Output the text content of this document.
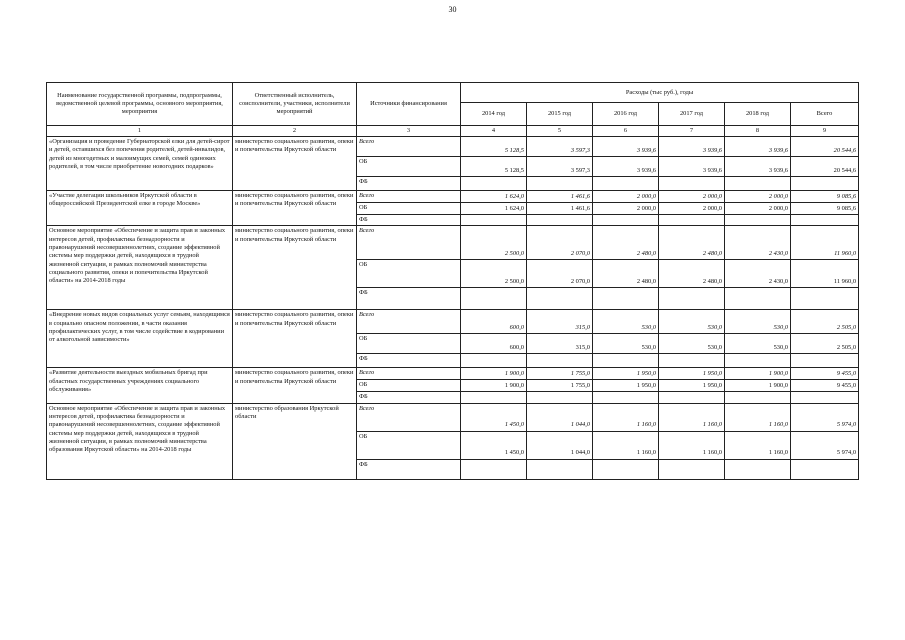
30
Наименование государственной программы, подпрограммы, ведомственной целевой программы, основного мероприятия, мероприятия	Ответственный исполнитель, соисполнители, участники, исполнители мероприятий	Источники финансирования	Расходы (тыс руб.), годы					
			2014 год	2015 год	2016 год	2017 год	2018 год	Всего
1	2	3	4	5	6	7	8	9
«Организация и проведение Губернаторской елки для детей-сирот и детей, оставшихся без попечения родителей, детей-инвалидов, детей из многодетных и малоимущих семей, семей одиноких родителей, в том числе приобретение новогодних подарков»	министерство социального развития, опеки и попечительства Иркутской области	Всего	5 128,5	3 597,3	3 939,6	3 939,6	3 939,6	20 544,6
		ОБ	5 128,5	3 597,3	3 939,6	3 939,6	3 939,6	20 544,6
		ФБ						
«Участие делегации школьников Иркутской области в общероссийской Президентской елке в городе Москве»	министерство социального развития, опеки и попечительства Иркутской области	Всего	1 624,0	1 461,6	2 000,0	2 000,0	2 000,0	9 085,6
		ОБ	1 624,0	1 461,6	2 000,0	2 000,0	2 000,0	9 085,6
		ФБ						
Основное мероприятие «Обеспечение и защита прав и законных интересов детей, профилактика безнадзорности и правонарушений несовершеннолетних, создание эффективной системы мер поддержки детей, находящихся в трудной жизненной ситуации, в рамках полномочий министерства социального развития, опеки и попечительства Иркутской области» на 2014-2018 годы	министерство социального развития, опеки и попечительства Иркутской области	Всего	2 500,0	2 070,0	2 480,0	2 480,0	2 430,0	11 960,0
		ОБ	2 500,0	2 070,0	2 480,0	2 480,0	2 430,0	11 960,0
		ФБ						
«Внедрение новых видов социальных услуг семьям, находящимся в социально опасном положении, в части оказания профилактических услуг, в том числе содействие в кодировании от алкогольной зависимости»	министерство социального развития, опеки и попечительства Иркутской области	Всего	600,0	315,0	530,0	530,0	530,0	2 505,0
		ОБ	600,0	315,0	530,0	530,0	530,0	2 505,0
		ФБ						
«Развитие деятельности выездных мобильных бригад при областных государственных учреждениях социального обслуживания»	министерство социального развития, опеки и попечительства Иркутской области	Всего	1 900,0	1 755,0	1 950,0	1 950,0	1 900,0	9 455,0
		ОБ	1 900,0	1 755,0	1 950,0	1 950,0	1 900,0	9 455,0
		ФБ						
Основное мероприятие «Обеспечение и защита прав и законных интересов детей, профилактика безнадзорности и правонарушений несовершеннолетних, создание эффективной системы мер поддержки детей, находящихся в трудной жизненной ситуации, в рамках полномочий министерства образования Иркутской области» на 2014-2018 годы	министерство образования Иркутской области	Всего	1 450,0	1 044,0	1 160,0	1 160,0	1 160,0	5 974,0
		ОБ	1 450,0	1 044,0	1 160,0	1 160,0	1 160,0	5 974,0
		ФБ						
